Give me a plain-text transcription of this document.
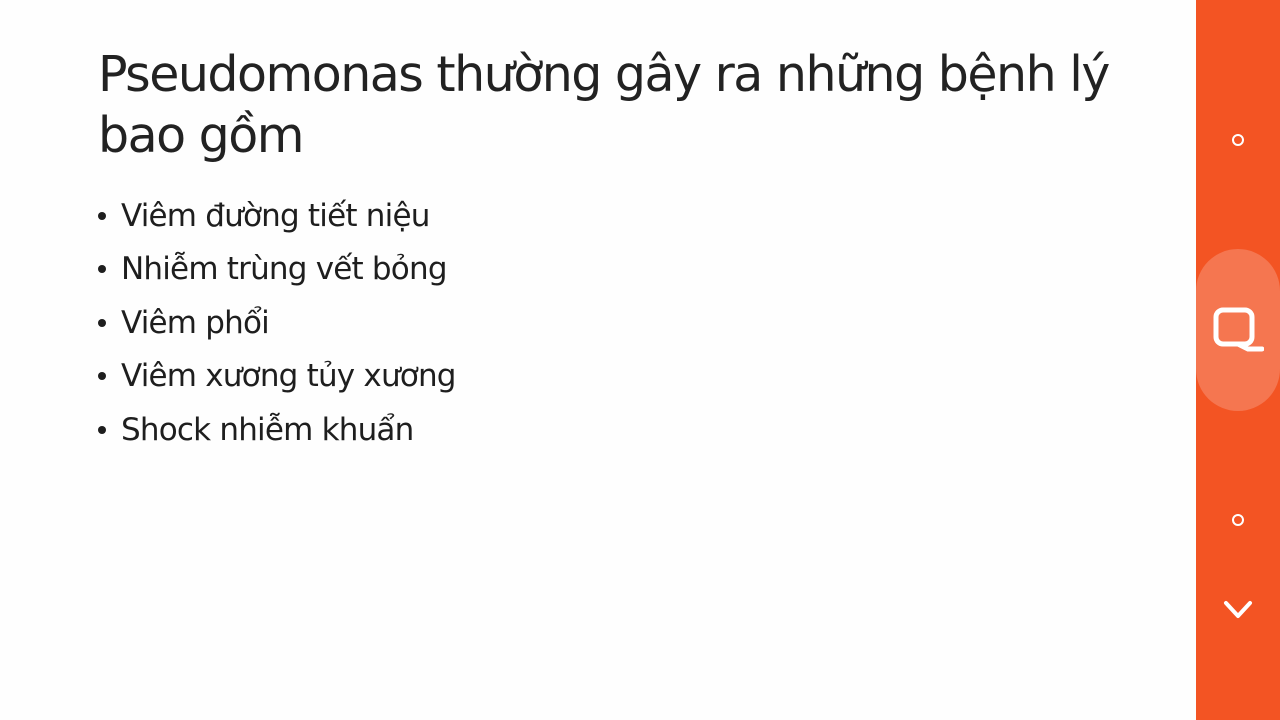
Pseudomonas thường gây ra những bệnh lý bao gồm
Viêm đường tiết niệu
Nhiễm trùng vết bỏng
Viêm phổi
Viêm xương tủy xương
Shock nhiễm khuẩn
